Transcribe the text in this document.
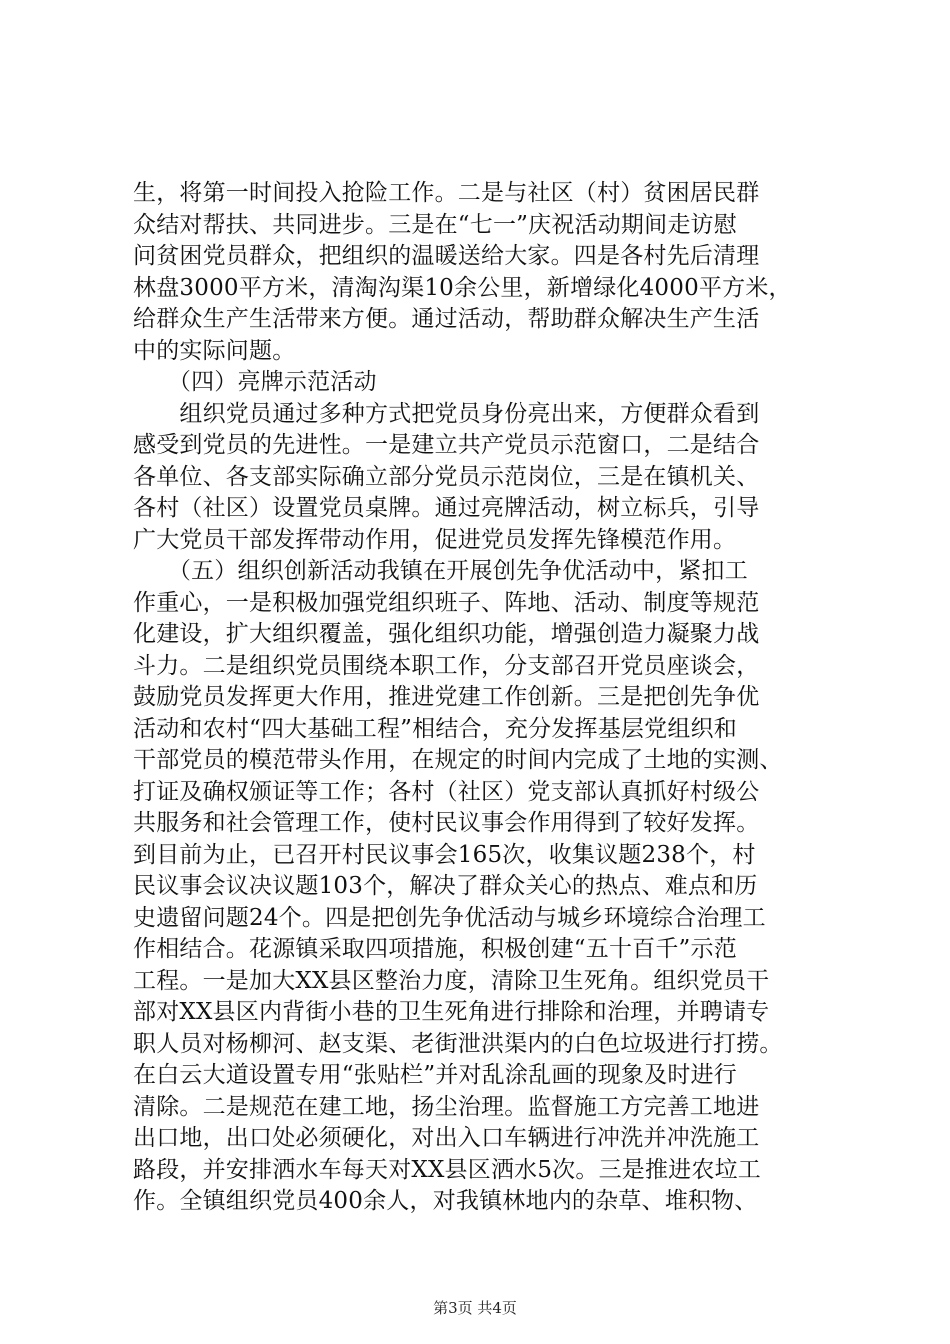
生，将第一时间投入抢险工作。二是与社区（村）贫困居民群
众结对帮扶、共同进步。三是在“七一”庆祝活动期间走访慰
问贫困党员群众，把组织的温暖送给大家。四是各村先后清理
林盘3000平方米，清淘沟渠10余公里，新增绿化4000平方米，
给群众生产生活带来方便。通过活动，帮助群众解决生产生活
中的实际问题。
　　（四）亮牌示范活动
　　组织党员通过多种方式把党员身份亮出来，方便群众看到
感受到党员的先进性。一是建立共产党员示范窗口，二是结合
各单位、各支部实际确立部分党员示范岗位，三是在镇机关、
各村（社区）设置党员桌牌。通过亮牌活动，树立标兵，引导
广大党员干部发挥带动作用，促进党员发挥先锋模范作用。
　　（五）组织创新活动我镇在开展创先争优活动中，紧扣工
作重心，一是积极加强党组织班子、阵地、活动、制度等规范
化建设，扩大组织覆盖，强化组织功能，增强创造力凝聚力战
斗力。二是组织党员围绕本职工作，分支部召开党员座谈会，
鼓励党员发挥更大作用，推进党建工作创新。三是把创先争优
活动和农村“四大基础工程”相结合，充分发挥基层党组织和
干部党员的模范带头作用，在规定的时间内完成了土地的实测、
打证及确权颁证等工作；各村（社区）党支部认真抓好村级公
共服务和社会管理工作，使村民议事会作用得到了较好发挥。
到目前为止，已召开村民议事会165次，收集议题238个，村
民议事会议决议题103个，解决了群众关心的热点、难点和历
史遗留问题24个。四是把创先争优活动与城乡环境综合治理工
作相结合。花源镇采取四项措施，积极创建“五十百千”示范
工程。一是加大XX县区整治力度，清除卫生死角。组织党员干
部对XX县区内背街小巷的卫生死角进行排除和治理，并聘请专
职人员对杨柳河、赵支渠、老街泄洪渠内的白色垃圾进行打捞。
在白云大道设置专用“张贴栏”并对乱涂乱画的现象及时进行
清除。二是规范在建工地，扬尘治理。监督施工方完善工地进
出口地，出口处必须硬化，对出入口车辆进行冲洗并冲洗施工
路段，并安排洒水车每天对XX县区洒水5次。三是推进农垃工
作。全镇组织党员400余人，对我镇林地内的杂草、堆积物、
第3页 共4页
